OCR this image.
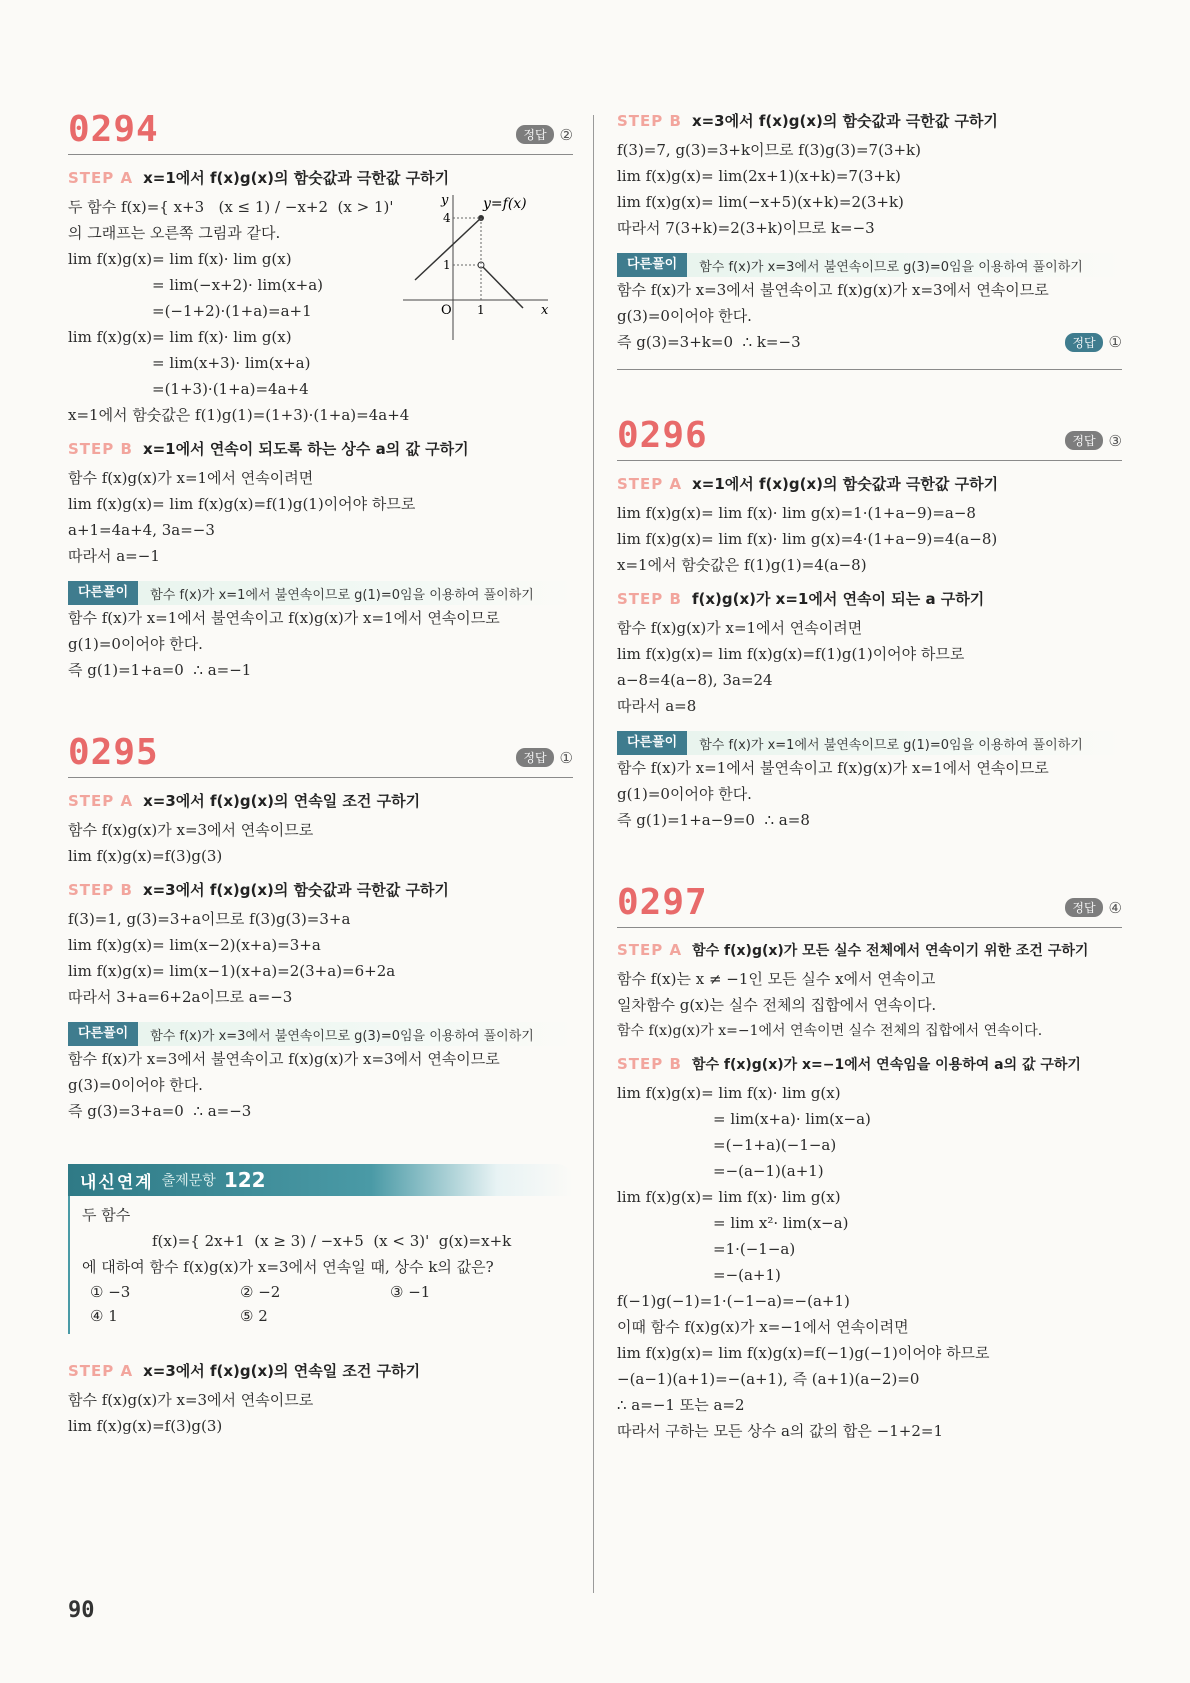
0294	정답 ②
STEP A x=1에서 f(x)g(x)의 함숫값과 극한값 구하기
두 함수 f(x)={ x+3   (x ≤ 1) / −x+2  (x > 1)'
의 그래프는 오른쪽 그림과 같다.
lim f(x)g(x)= lim f(x)· lim g(x)
= lim(−x+2)· lim(x+a)
=(−1+2)·(1+a)=a+1
lim f(x)g(x)= lim f(x)· lim g(x)
= lim(x+3)· lim(x+a)
=(1+3)·(1+a)=4a+4
x=1에서 함숫값은 f(1)g(1)=(1+3)·(1+a)=4a+4
y
x
O 1
1
4
y=f(x)
STEP B x=1에서 연속이 되도록 하는 상수 a의 값 구하기
함수 f(x)g(x)가 x=1에서 연속이려면
lim f(x)g(x)= lim f(x)g(x)=f(1)g(1)이어야 하므로
a+1=4a+4, 3a=−3
따라서 a=−1
다른풀이	함수 f(x)가 x=1에서 불연속이므로 g(1)=0임을 이용하여 풀이하기
함수 f(x)가 x=1에서 불연속이고 f(x)g(x)가 x=1에서 연속이므로
g(1)=0이어야 한다.
즉 g(1)=1+a=0  ∴ a=−1
0295	정답 ①
STEP A x=3에서 f(x)g(x)의 연속일 조건 구하기
함수 f(x)g(x)가 x=3에서 연속이므로
lim f(x)g(x)=f(3)g(3)
STEP B x=3에서 f(x)g(x)의 함숫값과 극한값 구하기
f(3)=1, g(3)=3+a이므로 f(3)g(3)=3+a
lim f(x)g(x)= lim(x−2)(x+a)=3+a
lim f(x)g(x)= lim(x−1)(x+a)=2(3+a)=6+2a
따라서 3+a=6+2a이므로 a=−3
다른풀이	함수 f(x)가 x=3에서 불연속이므로 g(3)=0임을 이용하여 풀이하기
함수 f(x)가 x=3에서 불연속이고 f(x)g(x)가 x=3에서 연속이므로
g(3)=0이어야 한다.
즉 g(3)=3+a=0  ∴ a=−3
내신연계 출제문항 122
두 함수
f(x)={ 2x+1  (x ≥ 3) / −x+5  (x < 3)'  g(x)=x+k
에 대하여 함수 f(x)g(x)가 x=3에서 연속일 때, 상수 k의 값은?
① −3	② −2	③ −1
④ 1	⑤ 2
STEP A x=3에서 f(x)g(x)의 연속일 조건 구하기
함수 f(x)g(x)가 x=3에서 연속이므로
lim f(x)g(x)=f(3)g(3)
STEP B x=3에서 f(x)g(x)의 함숫값과 극한값 구하기
f(3)=7, g(3)=3+k이므로 f(3)g(3)=7(3+k)
lim f(x)g(x)= lim(2x+1)(x+k)=7(3+k)
lim f(x)g(x)= lim(−x+5)(x+k)=2(3+k)
따라서 7(3+k)=2(3+k)이므로 k=−3
다른풀이	함수 f(x)가 x=3에서 불연속이므로 g(3)=0임을 이용하여 풀이하기
함수 f(x)가 x=3에서 불연속이고 f(x)g(x)가 x=3에서 연속이므로
g(3)=0이어야 한다.
즉 g(3)=3+k=0  ∴ k=−3	정답 ①
0296	정답 ③
STEP A x=1에서 f(x)g(x)의 함숫값과 극한값 구하기
lim f(x)g(x)= lim f(x)· lim g(x)=1·(1+a−9)=a−8
lim f(x)g(x)= lim f(x)· lim g(x)=4·(1+a−9)=4(a−8)
x=1에서 함숫값은 f(1)g(1)=4(a−8)
STEP B f(x)g(x)가 x=1에서 연속이 되는 a 구하기
함수 f(x)g(x)가 x=1에서 연속이려면
lim f(x)g(x)= lim f(x)g(x)=f(1)g(1)이어야 하므로
a−8=4(a−8), 3a=24
따라서 a=8
다른풀이	함수 f(x)가 x=1에서 불연속이므로 g(1)=0임을 이용하여 풀이하기
함수 f(x)가 x=1에서 불연속이고 f(x)g(x)가 x=1에서 연속이므로
g(1)=0이어야 한다.
즉 g(1)=1+a−9=0  ∴ a=8
0297	정답 ④
STEP A 함수 f(x)g(x)가 모든 실수 전체에서 연속이기 위한 조건 구하기
함수 f(x)는 x ≠ −1인 모든 실수 x에서 연속이고
일차함수 g(x)는 실수 전체의 집합에서 연속이다.
함수 f(x)g(x)가 x=−1에서 연속이면 실수 전체의 집합에서 연속이다.
STEP B 함수 f(x)g(x)가 x=−1에서 연속임을 이용하여 a의 값 구하기
lim f(x)g(x)= lim f(x)· lim g(x)
= lim(x+a)· lim(x−a)
=(−1+a)(−1−a)
=−(a−1)(a+1)
lim f(x)g(x)= lim f(x)· lim g(x)
= lim x²· lim(x−a)
=1·(−1−a)
=−(a+1)
f(−1)g(−1)=1·(−1−a)=−(a+1)
이때 함수 f(x)g(x)가 x=−1에서 연속이려면
lim f(x)g(x)= lim f(x)g(x)=f(−1)g(−1)이어야 하므로
−(a−1)(a+1)=−(a+1), 즉 (a+1)(a−2)=0
∴ a=−1 또는 a=2
따라서 구하는 모든 상수 a의 값의 합은 −1+2=1
90
